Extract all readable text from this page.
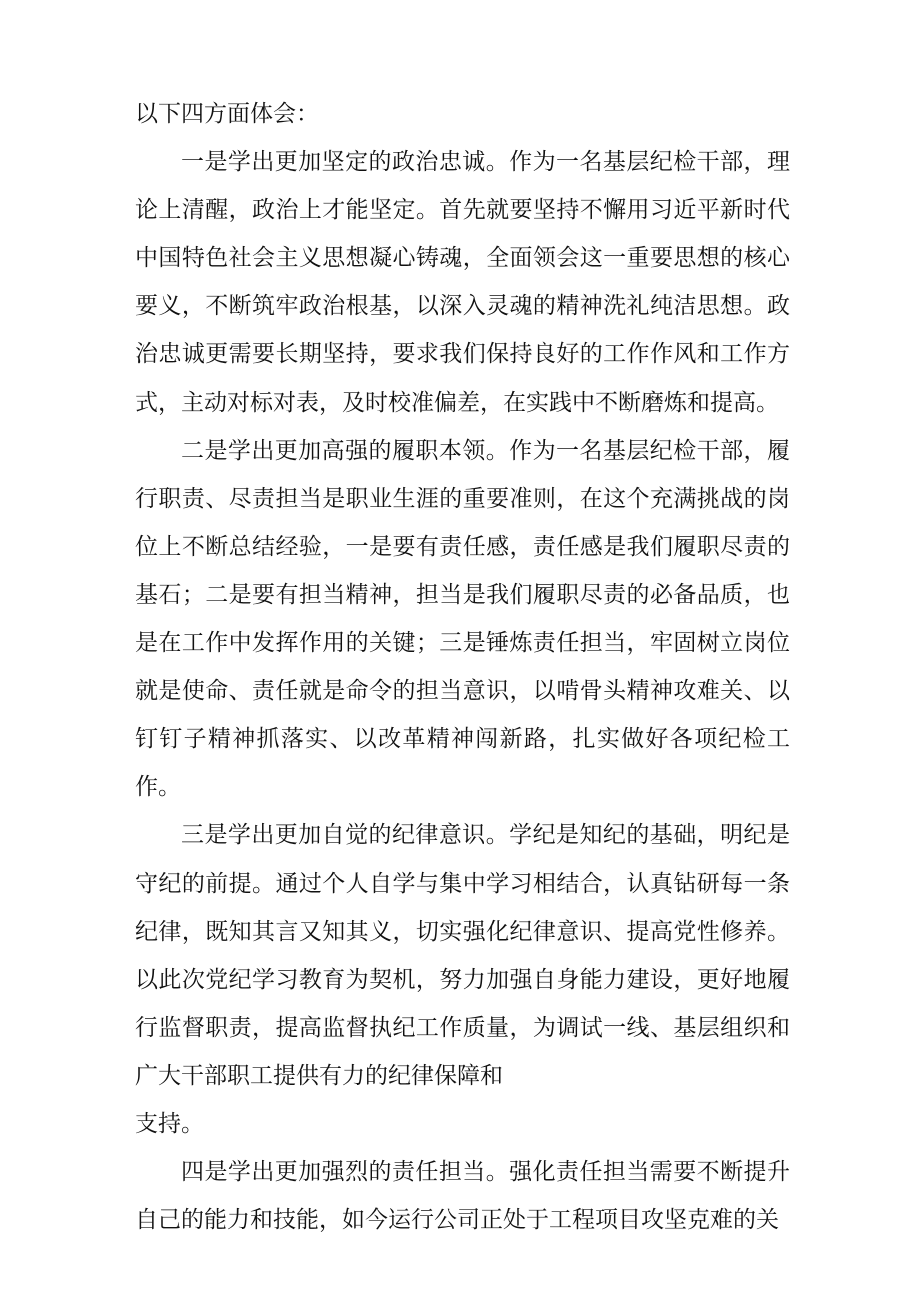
以下四方面体会：

一是学出更加坚定的政治忠诚。作为一名基层纪检干部，理论上清醒，政治上才能坚定。首先就要坚持不懈用习近平新时代中国特色社会主义思想凝心铸魂，全面领会这一重要思想的核心要义，不断筑牢政治根基，以深入灵魂的精神洗礼纯洁思想。政治忠诚更需要长期坚持，要求我们保持良好的工作作风和工作方式，主动对标对表，及时校准偏差，在实践中不断磨炼和提高。

二是学出更加高强的履职本领。作为一名基层纪检干部，履行职责、尽责担当是职业生涯的重要准则，在这个充满挑战的岗位上不断总结经验，一是要有责任感，责任感是我们履职尽责的基石；二是要有担当精神，担当是我们履职尽责的必备品质，也是在工作中发挥作用的关键；三是锤炼责任担当，牢固树立岗位就是使命、责任就是命令的担当意识，以啃骨头精神攻难关、以钉钉子精神抓落实、以改革精神闯新路，扎实做好各项纪检工作。

三是学出更加自觉的纪律意识。学纪是知纪的基础，明纪是守纪的前提。通过个人自学与集中学习相结合，认真钻研每一条纪律，既知其言又知其义，切实强化纪律意识、提高党性修养。以此次党纪学习教育为契机，努力加强自身能力建设，更好地履行监督职责，提高监督执纪工作质量，为调试一线、基层组织和广大干部职工提供有力的纪律保障和
支持。

四是学出更加强烈的责任担当。强化责任担当需要不断提升自己的能力和技能，如今运行公司正处于工程项目攻坚克难的关
